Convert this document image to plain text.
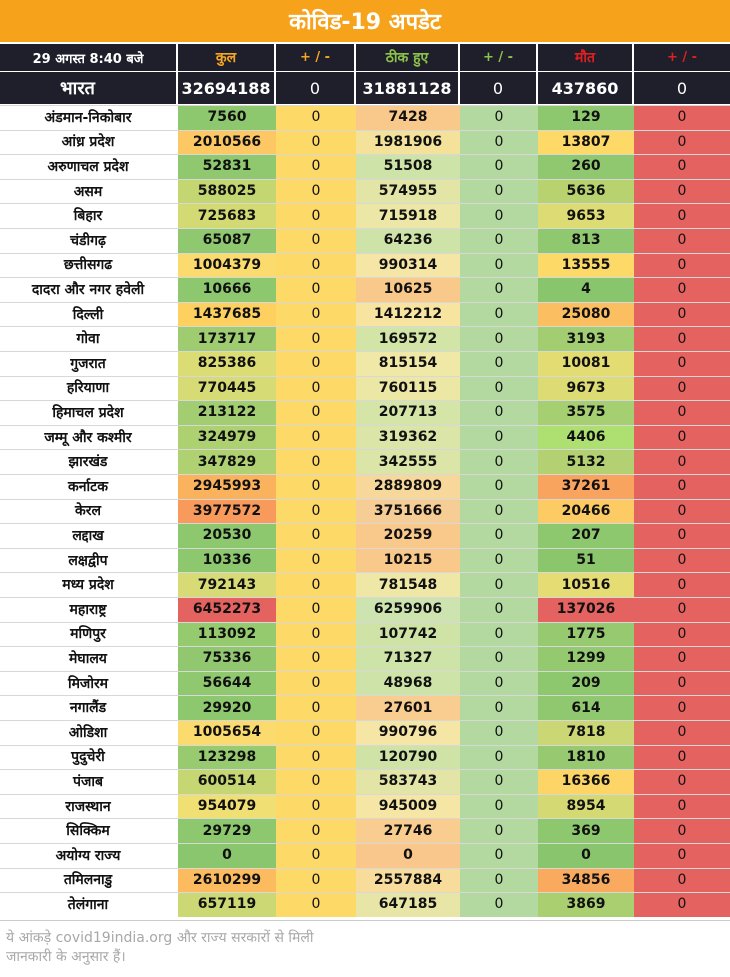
कोविड-19 अपडेट
29 अगस्त 8:40 बजे	कुल	+ / -	ठीक हुए	+ / -	मौत	+ / -
भारत	32694188	0	31881128	0	437860	0
अंडमान-निकोबार	7560	0	7428	0	129	0
आंध्र प्रदेश	2010566	0	1981906	0	13807	0
अरुणाचल प्रदेश	52831	0	51508	0	260	0
असम	588025	0	574955	0	5636	0
बिहार	725683	0	715918	0	9653	0
चंडीगढ़	65087	0	64236	0	813	0
छत्तीसगढ	1004379	0	990314	0	13555	0
दादरा और नगर हवेली	10666	0	10625	0	4	0
दिल्ली	1437685	0	1412212	0	25080	0
गोवा	173717	0	169572	0	3193	0
गुजरात	825386	0	815154	0	10081	0
हरियाणा	770445	0	760115	0	9673	0
हिमाचल प्रदेश	213122	0	207713	0	3575	0
जम्मू और कश्मीर	324979	0	319362	0	4406	0
झारखंड	347829	0	342555	0	5132	0
कर्नाटक	2945993	0	2889809	0	37261	0
केरल	3977572	0	3751666	0	20466	0
लद्दाख	20530	0	20259	0	207	0
लक्षद्वीप	10336	0	10215	0	51	0
मध्य प्रदेश	792143	0	781548	0	10516	0
महाराष्ट्र	6452273	0	6259906	0	137026	0
मणिपुर	113092	0	107742	0	1775	0
मेघालय	75336	0	71327	0	1299	0
मिजोरम	56644	0	48968	0	209	0
नगालैंड	29920	0	27601	0	614	0
ओडिशा	1005654	0	990796	0	7818	0
पुदुचेरी	123298	0	120790	0	1810	0
पंजाब	600514	0	583743	0	16366	0
राजस्थान	954079	0	945009	0	8954	0
सिक्किम	29729	0	27746	0	369	0
अयोग्य राज्य	0	0	0	0	0	0
तमिलनाडु	2610299	0	2557884	0	34856	0
तेलंगाना	657119	0	647185	0	3869	0
ये आंकड़े covid19india.org और राज्य सरकारों से मिली जानकारी के अनुसार हैं।
